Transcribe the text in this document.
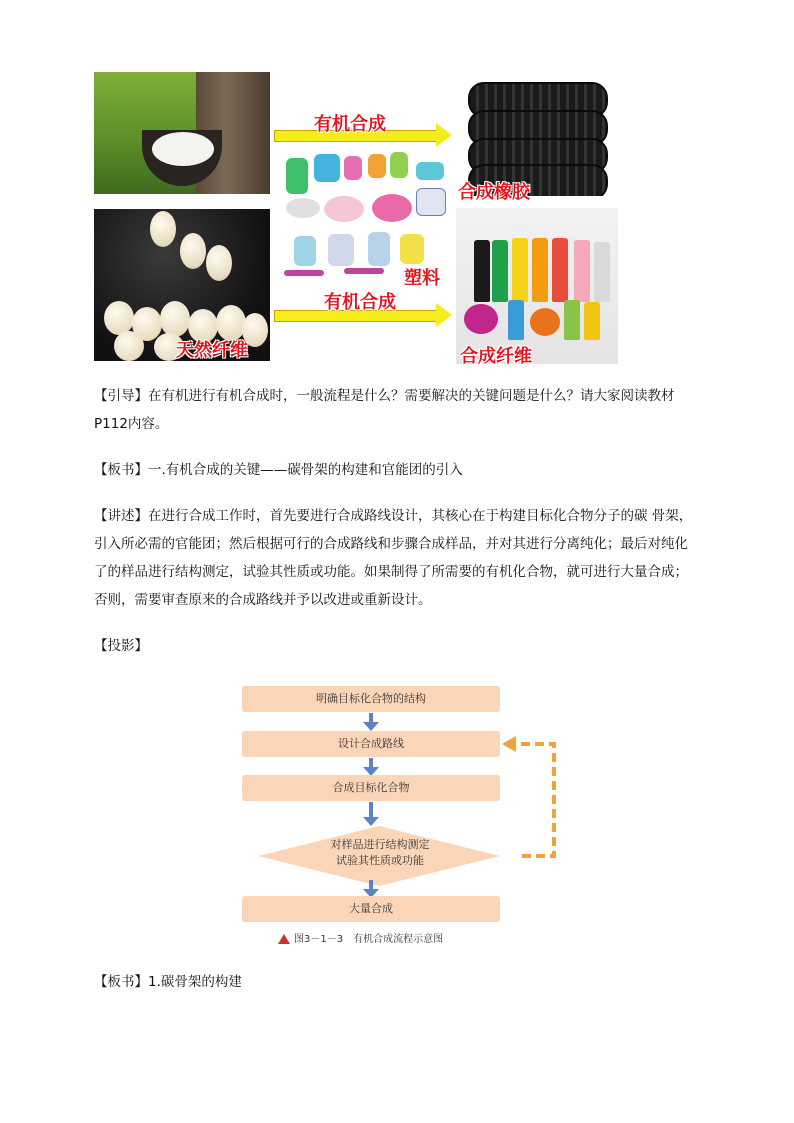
有机合成
有机合成
合成橡胶
塑料
天然纤维	合成纤维
【引导】在有机进行有机合成时，一般流程是什么？需要解决的关键问题是什么？请大家阅读教材P112内容。
【板书】一.有机合成的关键——碳骨架的构建和官能团的引入
【讲述】在进行合成工作时，首先要进行合成路线设计，其核心在于构建目标化合物分子的碳 骨架，引入所必需的官能团；然后根据可行的合成路线和步骤合成样品，并对其进行分离纯化；最后对纯化了的样品进行结构测定，试验其性质或功能。如果制得了所需要的有机化合物，就可进行大量合成；否则，需要审查原来的合成路线并予以改进或重新设计。
【投影】
明确目标化合物的结构
设计合成路线
合成目标化合物
对样品进行结构测定
试验其性质或功能
大量合成
图3－1－3　有机合成流程示意图
【板书】1.碳骨架的构建
